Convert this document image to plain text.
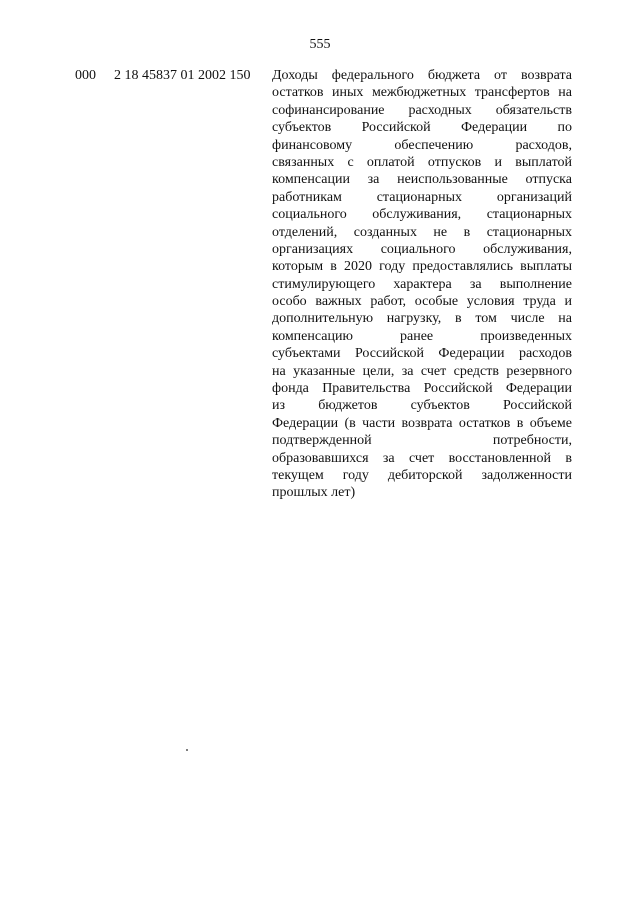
555
000 2 18 45837 01 2002 150 Доходы федерального бюджета от возврата
остатков иных межбюджетных трансфертов на
софинансирование расходных обязательств
субъектов Российской Федерации по
финансовому обеспечению расходов,
связанных с оплатой отпусков и выплатой
компенсации за неиспользованные отпуска
работникам стационарных организаций
социального обслуживания, стационарных
отделений, созданных не в стационарных
организациях социального обслуживания,
которым в 2020 году предоставлялись выплаты
стимулирующего характера за выполнение
особо важных работ, особые условия труда и
дополнительную нагрузку, в том числе на
компенсацию ранее произведенных
субъектами Российской Федерации расходов
на указанные цели, за счет средств резервного
фонда Правительства Российской Федерации
из бюджетов субъектов Российской
Федерации (в части возврата остатков в объеме
подтвержденной потребности,
образовавшихся за счет восстановленной в
текущем году дебиторской задолженности
прошлых лет)
